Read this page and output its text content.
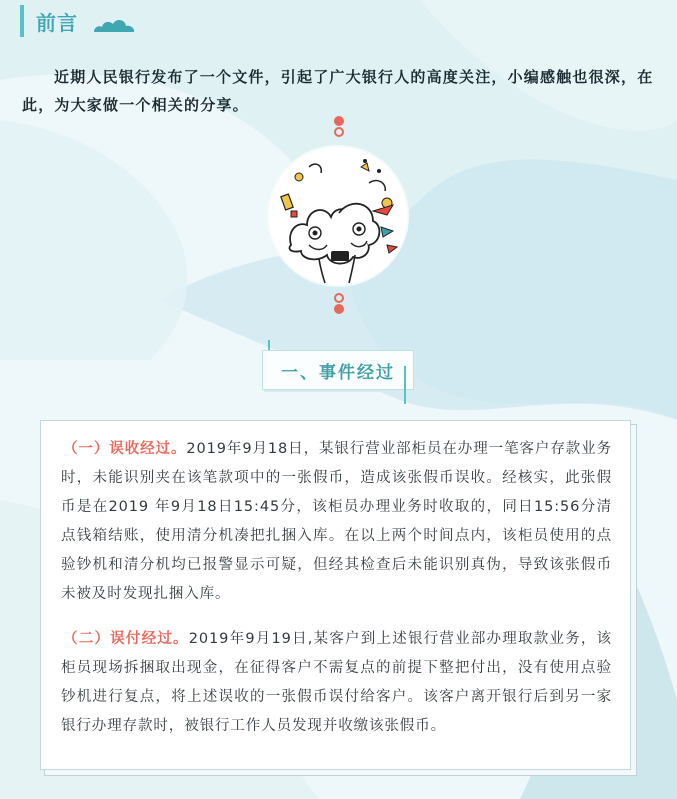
前言

近期人民银行发布了一个文件，引起了广大银行人的高度关注，小编感触也很深，在此，为大家做一个相关的分享。

一、事件经过

（一）误收经过。2019年9月18日，某银行营业部柜员在办理一笔客户存款业务时，未能识别夹在该笔款项中的一张假币，造成该张假币误收。经核实，此张假币是在2019 年9月18日15:45分，该柜员办理业务时收取的，同日15:56分清点钱箱结账，使用清分机凑把扎捆入库。在以上两个时间点内，该柜员使用的点验钞机和清分机均已报警显示可疑，但经其检查后未能识别真伪，导致该张假币未被及时发现扎捆入库。

（二）误付经过。2019年9月19日,某客户到上述银行营业部办理取款业务，该柜员现场拆捆取出现金，在征得客户不需复点的前提下整把付出，没有使用点验钞机进行复点，将上述误收的一张假币误付给客户。该客户离开银行后到另一家银行办理存款时，被银行工作人员发现并收缴该张假币。
